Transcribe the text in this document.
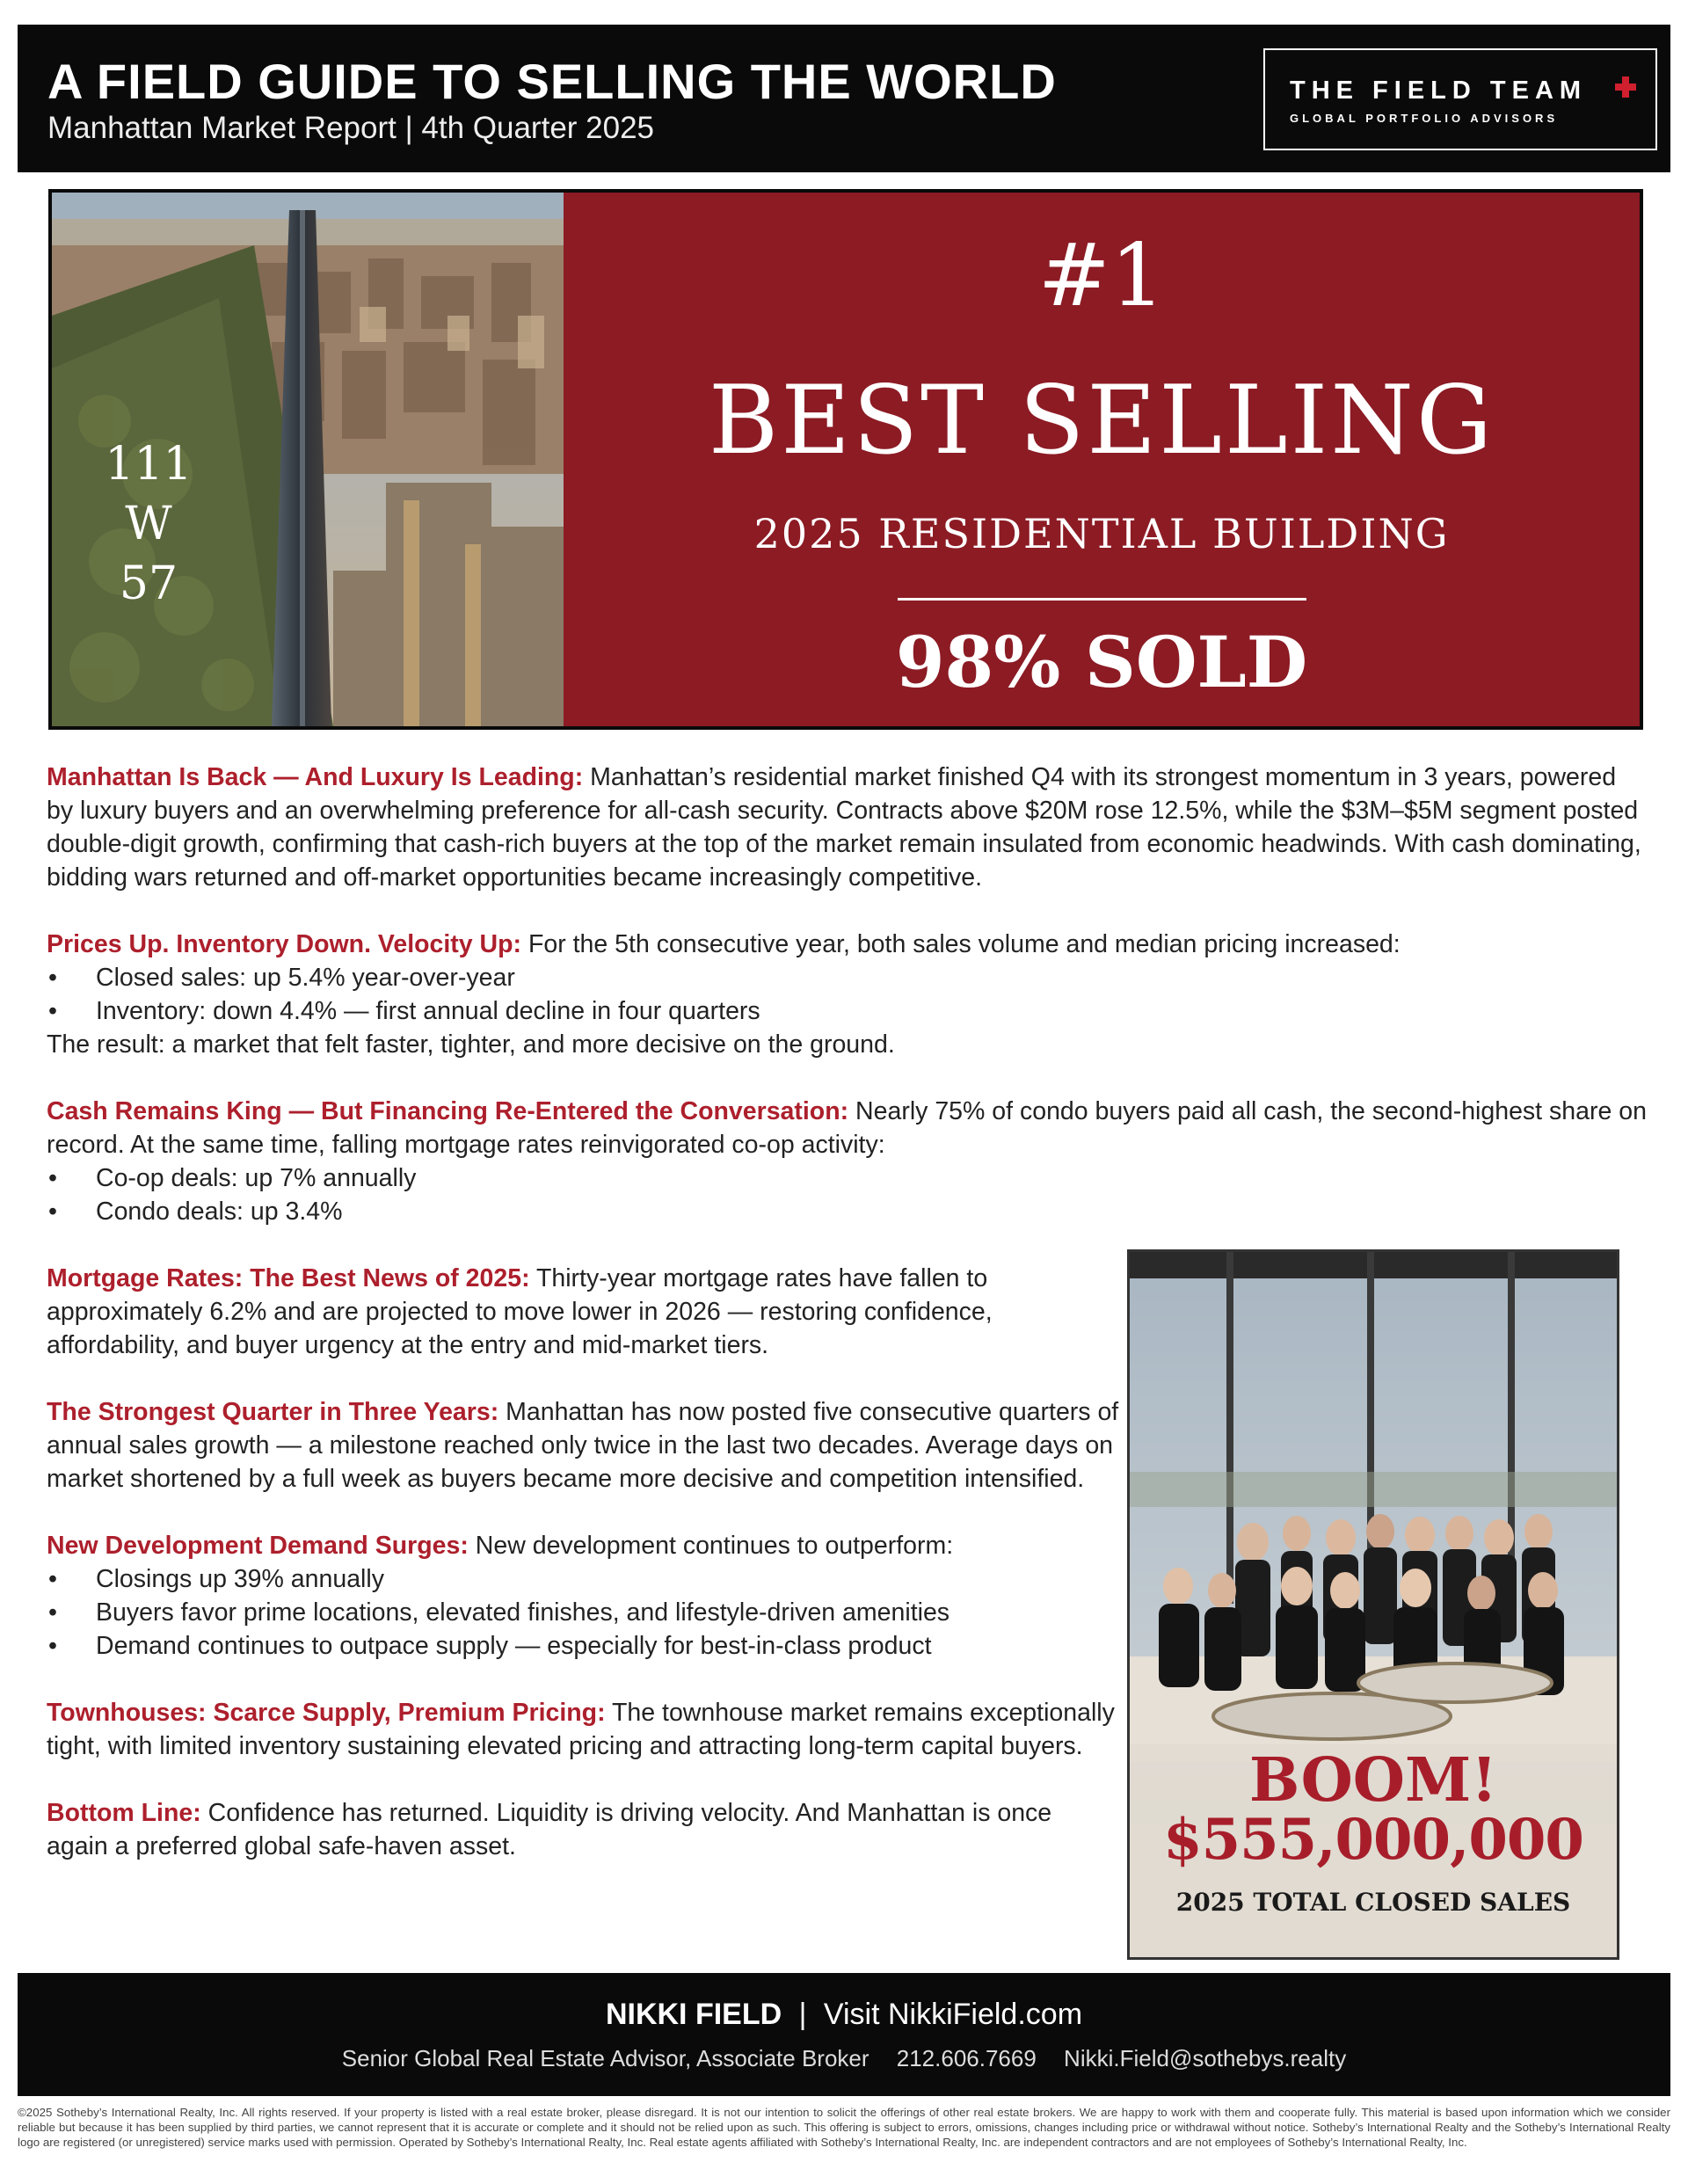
A FIELD GUIDE TO SELLING THE WORLD
Manhattan Market Report | 4th Quarter 2025
THE FIELD TEAM
GLOBAL PORTFOLIO ADVISORS
111
W
57
#1
BEST SELLING
2025 RESIDENTIAL BUILDING
98% SOLD

Manhattan Is Back — And Luxury Is Leading: Manhattan’s residential market finished Q4 with its strongest momentum in 3 years, powered by luxury buyers and an overwhelming preference for all-cash security. Contracts above $20M rose 12.5%, while the $3M–$5M segment posted double-digit growth, confirming that cash-rich buyers at the top of the market remain insulated from economic headwinds. With cash dominating, bidding wars returned and off-market opportunities became increasingly competitive.

Prices Up. Inventory Down. Velocity Up: For the 5th consecutive year, both sales volume and median pricing increased:
• Closed sales: up 5.4% year-over-year
• Inventory: down 4.4% — first annual decline in four quarters
The result: a market that felt faster, tighter, and more decisive on the ground.
Cash Remains King — But Financing Re-Entered the Conversation: Nearly 75% of condo buyers paid all cash, the second-highest share on record. At the same time, falling mortgage rates reinvigorated co-op activity:
• Co-op deals: up 7% annually
• Condo deals: up 3.4%

Mortgage Rates: The Best News of 2025: Thirty-year mortgage rates have fallen to approximately 6.2% and are projected to move lower in 2026 — restoring confidence, affordability, and buyer urgency at the entry and mid-market tiers.

The Strongest Quarter in Three Years: Manhattan has now posted five consecutive quarters of annual sales growth — a milestone reached only twice in the last two decades. Average days on market shortened by a full week as buyers became more decisive and competition intensified.

New Development Demand Surges: New development continues to outperform:
• Closings up 39% annually
• Buyers favor prime locations, elevated finishes, and lifestyle-driven amenities
• Demand continues to outpace supply — especially for best-in-class product

Townhouses: Scarce Supply, Premium Pricing: The townhouse market remains exceptionally tight, with limited inventory sustaining elevated pricing and attracting long-term capital buyers.

Bottom Line: Confidence has returned. Liquidity is driving velocity. And Manhattan is once again a preferred global safe-haven asset.

BOOM!
$555,000,000
2025 TOTAL CLOSED SALES
NIKKI FIELD | Visit NikkiField.com
Senior Global Real Estate Advisor, Associate Broker 212.606.7669 Nikki.Field@sothebys.realty
©2025 Sotheby’s International Realty, Inc. All rights reserved. If your property is listed with a real estate broker, please disregard. It is not our intention to solicit the offerings of other real estate brokers. We are happy to work with them and cooperate fully. This material is based upon information which we consider reliable but because it has been supplied by third parties, we cannot represent that it is accurate or complete and it should not be relied upon as such. This offering is subject to errors, omissions, changes including price or withdrawal without notice. Sotheby’s International Realty and the Sotheby’s International Realty logo are registered (or unregistered) service marks used with permission. Operated by Sotheby’s International Realty, Inc. Real estate agents affiliated with Sotheby’s International Realty, Inc. are independent contractors and are not employees of Sotheby’s International Realty, Inc.
